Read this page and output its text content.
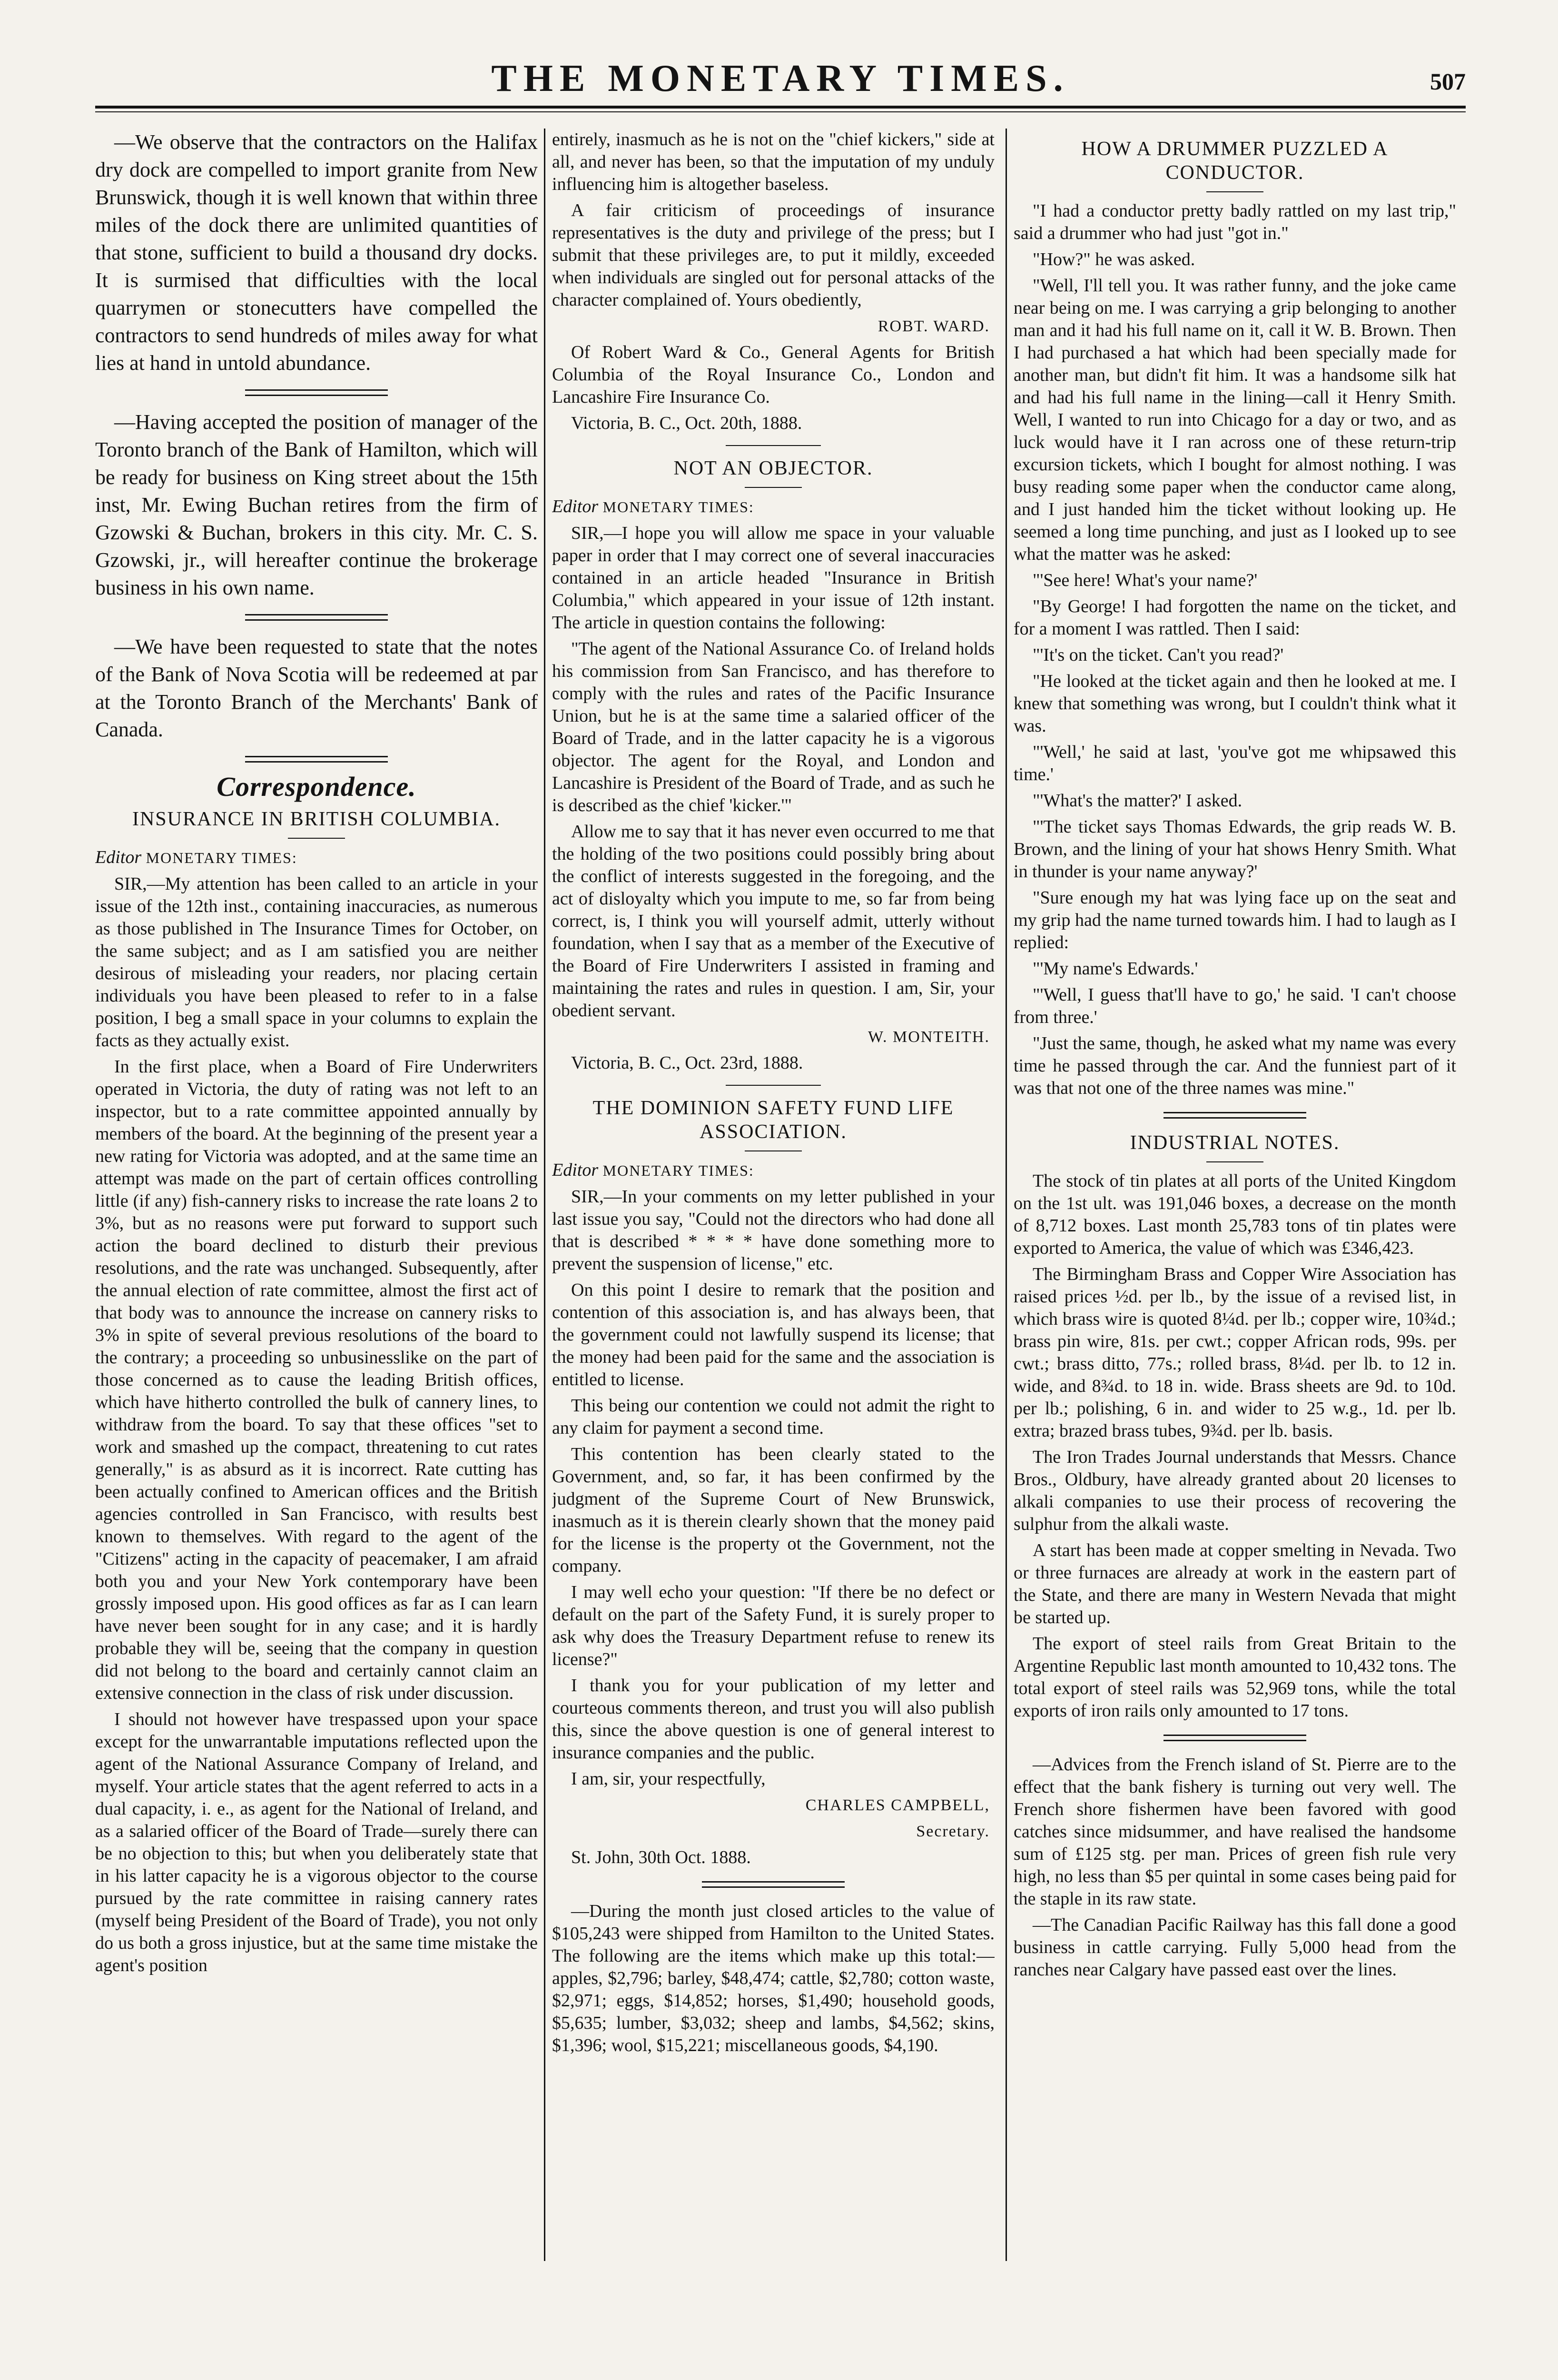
THE MONETARY TIMES.	507

—We observe that the contractors on the Halifax dry dock are compelled to import granite from New Brunswick, though it is well known that within three miles of the dock there are unlimited quantities of that stone, sufficient to build a thousand dry docks. It is surmised that difficulties with the local quarrymen or stonecutters have compelled the contractors to send hundreds of miles away for what lies at hand in untold abundance.

—Having accepted the position of manager of the Toronto branch of the Bank of Hamilton, which will be ready for business on King street about the 15th inst, Mr. Ewing Buchan retires from the firm of Gzowski & Buchan, brokers in this city. Mr. C. S. Gzowski, jr., will hereafter continue the brokerage business in his own name.

—We have been requested to state that the notes of the Bank of Nova Scotia will be redeemed at par at the Toronto Branch of the Merchants' Bank of Canada.

Correspondence.
INSURANCE IN BRITISH COLUMBIA.

Editor MONETARY TIMES:

SIR,—My attention has been called to an article in your issue of the 12th inst., containing inaccuracies, as numerous as those published in The Insurance Times for October, on the same subject; and as I am satisfied you are neither desirous of misleading your readers, nor placing certain individuals you have been pleased to refer to in a false position, I beg a small space in your columns to explain the facts as they actually exist.

In the first place, when a Board of Fire Underwriters operated in Victoria, the duty of rating was not left to an inspector, but to a rate committee appointed annually by members of the board. At the beginning of the present year a new rating for Victoria was adopted, and at the same time an attempt was made on the part of certain offices controlling little (if any) fish-cannery risks to increase the rate loans 2 to 3%, but as no reasons were put forward to support such action the board declined to disturb their previous resolutions, and the rate was unchanged. Subsequently, after the annual election of rate committee, almost the first act of that body was to announce the increase on cannery risks to 3% in spite of several previous resolutions of the board to the contrary; a proceeding so unbusinesslike on the part of those concerned as to cause the leading British offices, which have hitherto controlled the bulk of cannery lines, to withdraw from the board. To say that these offices "set to work and smashed up the compact, threatening to cut rates generally," is as absurd as it is incorrect. Rate cutting has been actually confined to American offices and the British agencies controlled in San Francisco, with results best known to themselves. With regard to the agent of the "Citizens" acting in the capacity of peacemaker, I am afraid both you and your New York contemporary have been grossly imposed upon. His good offices as far as I can learn have never been sought for in any case; and it is hardly probable they will be, seeing that the company in question did not belong to the board and certainly cannot claim an extensive connection in the class of risk under discussion.

I should not however have trespassed upon your space except for the unwarrantable imputations reflected upon the agent of the National Assurance Company of Ireland, and myself. Your article states that the agent referred to acts in a dual capacity, i. e., as agent for the National of Ireland, and as a salaried officer of the Board of Trade—surely there can be no objection to this; but when you deliberately state that in his latter capacity he is a vigorous objector to the course pursued by the rate committee in raising cannery rates (myself being President of the Board of Trade), you not only do us both a gross injustice, but at the same time mistake the agent's position

entirely, inasmuch as he is not on the "chief kickers," side at all, and never has been, so that the imputation of my unduly influencing him is altogether baseless.

A fair criticism of proceedings of insurance representatives is the duty and privilege of the press; but I submit that these privileges are, to put it mildly, exceeded when individuals are singled out for personal attacks of the character complained of. Yours obediently,

ROBT. WARD.

Of Robert Ward & Co., General Agents for British Columbia of the Royal Insurance Co., London and Lancashire Fire Insurance Co.

Victoria, B. C., Oct. 20th, 1888.

NOT AN OBJECTOR.

Editor MONETARY TIMES:

SIR,—I hope you will allow me space in your valuable paper in order that I may correct one of several inaccuracies contained in an article headed "Insurance in British Columbia," which appeared in your issue of 12th instant. The article in question contains the following:

"The agent of the National Assurance Co. of Ireland holds his commission from San Francisco, and has therefore to comply with the rules and rates of the Pacific Insurance Union, but he is at the same time a salaried officer of the Board of Trade, and in the latter capacity he is a vigorous objector. The agent for the Royal, and London and Lancashire is President of the Board of Trade, and as such he is described as the chief 'kicker.'"

Allow me to say that it has never even occurred to me that the holding of the two positions could possibly bring about the conflict of interests suggested in the foregoing, and the act of disloyalty which you impute to me, so far from being correct, is, I think you will yourself admit, utterly without foundation, when I say that as a member of the Executive of the Board of Fire Underwriters I assisted in framing and maintaining the rates and rules in question. I am, Sir, your obedient servant.

W. MONTEITH.

Victoria, B. C., Oct. 23rd, 1888.

THE DOMINION SAFETY FUND LIFE ASSOCIATION.

Editor MONETARY TIMES:

SIR,—In your comments on my letter published in your last issue you say, "Could not the directors who had done all that is described * * * * have done something more to prevent the suspension of license," etc.

On this point I desire to remark that the position and contention of this association is, and has always been, that the government could not lawfully suspend its license; that the money had been paid for the same and the association is entitled to license.

This being our contention we could not admit the right to any claim for payment a second time.

This contention has been clearly stated to the Government, and, so far, it has been confirmed by the judgment of the Supreme Court of New Brunswick, inasmuch as it is therein clearly shown that the money paid for the license is the property ot the Government, not the company.

I may well echo your question: "If there be no defect or default on the part of the Safety Fund, it is surely proper to ask why does the Treasury Department refuse to renew its license?"

I thank you for your publication of my letter and courteous comments thereon, and trust you will also publish this, since the above question is one of general interest to insurance companies and the public.

I am, sir, your respectfully,

CHARLES CAMPBELL,

Secretary.

St. John, 30th Oct. 1888.

—During the month just closed articles to the value of $105,243 were shipped from Hamilton to the United States. The following are the items which make up this total:—apples, $2,796; barley, $48,474; cattle, $2,780; cotton waste, $2,971; eggs, $14,852; horses, $1,490; household goods, $5,635; lumber, $3,032; sheep and lambs, $4,562; skins, $1,396; wool, $15,221; miscellaneous goods, $4,190.

HOW A DRUMMER PUZZLED A CONDUCTOR.

"I had a conductor pretty badly rattled on my last trip," said a drummer who had just "got in."

"How?" he was asked.

"Well, I'll tell you. It was rather funny, and the joke came near being on me. I was carrying a grip belonging to another man and it had his full name on it, call it W. B. Brown. Then I had purchased a hat which had been specially made for another man, but didn't fit him. It was a handsome silk hat and had his full name in the lining—call it Henry Smith. Well, I wanted to run into Chicago for a day or two, and as luck would have it I ran across one of these return-trip excursion tickets, which I bought for almost nothing. I was busy reading some paper when the conductor came along, and I just handed him the ticket without looking up. He seemed a long time punching, and just as I looked up to see what the matter was he asked:

"'See here! What's your name?'

"By George! I had forgotten the name on the ticket, and for a moment I was rattled. Then I said:

"'It's on the ticket. Can't you read?'

"He looked at the ticket again and then he looked at me. I knew that something was wrong, but I couldn't think what it was.

"'Well,' he said at last, 'you've got me whipsawed this time.'

"'What's the matter?' I asked.

"'The ticket says Thomas Edwards, the grip reads W. B. Brown, and the lining of your hat shows Henry Smith. What in thunder is your name anyway?'

"Sure enough my hat was lying face up on the seat and my grip had the name turned towards him. I had to laugh as I replied:

"'My name's Edwards.'

"'Well, I guess that'll have to go,' he said. 'I can't choose from three.'

"Just the same, though, he asked what my name was every time he passed through the car. And the funniest part of it was that not one of the three names was mine."

INDUSTRIAL NOTES.

The stock of tin plates at all ports of the United Kingdom on the 1st ult. was 191,046 boxes, a decrease on the month of 8,712 boxes. Last month 25,783 tons of tin plates were exported to America, the value of which was £346,423.

The Birmingham Brass and Copper Wire Association has raised prices ½d. per lb., by the issue of a revised list, in which brass wire is quoted 8¼d. per lb.; copper wire, 10¾d.; brass pin wire, 81s. per cwt.; copper African rods, 99s. per cwt.; brass ditto, 77s.; rolled brass, 8¼d. per lb. to 12 in. wide, and 8¾d. to 18 in. wide. Brass sheets are 9d. to 10d. per lb.; polishing, 6 in. and wider to 25 w.g., 1d. per lb. extra; brazed brass tubes, 9¾d. per lb. basis.

The Iron Trades Journal understands that Messrs. Chance Bros., Oldbury, have already granted about 20 licenses to alkali companies to use their process of recovering the sulphur from the alkali waste.

A start has been made at copper smelting in Nevada. Two or three furnaces are already at work in the eastern part of the State, and there are many in Western Nevada that might be started up.

The export of steel rails from Great Britain to the Argentine Republic last month amounted to 10,432 tons. The total export of steel rails was 52,969 tons, while the total exports of iron rails only amounted to 17 tons.

—Advices from the French island of St. Pierre are to the effect that the bank fishery is turning out very well. The French shore fishermen have been favored with good catches since midsummer, and have realised the handsome sum of £125 stg. per man. Prices of green fish rule very high, no less than $5 per quintal in some cases being paid for the staple in its raw state.

—The Canadian Pacific Railway has this fall done a good business in cattle carrying. Fully 5,000 head from the ranches near Calgary have passed east over the lines.
